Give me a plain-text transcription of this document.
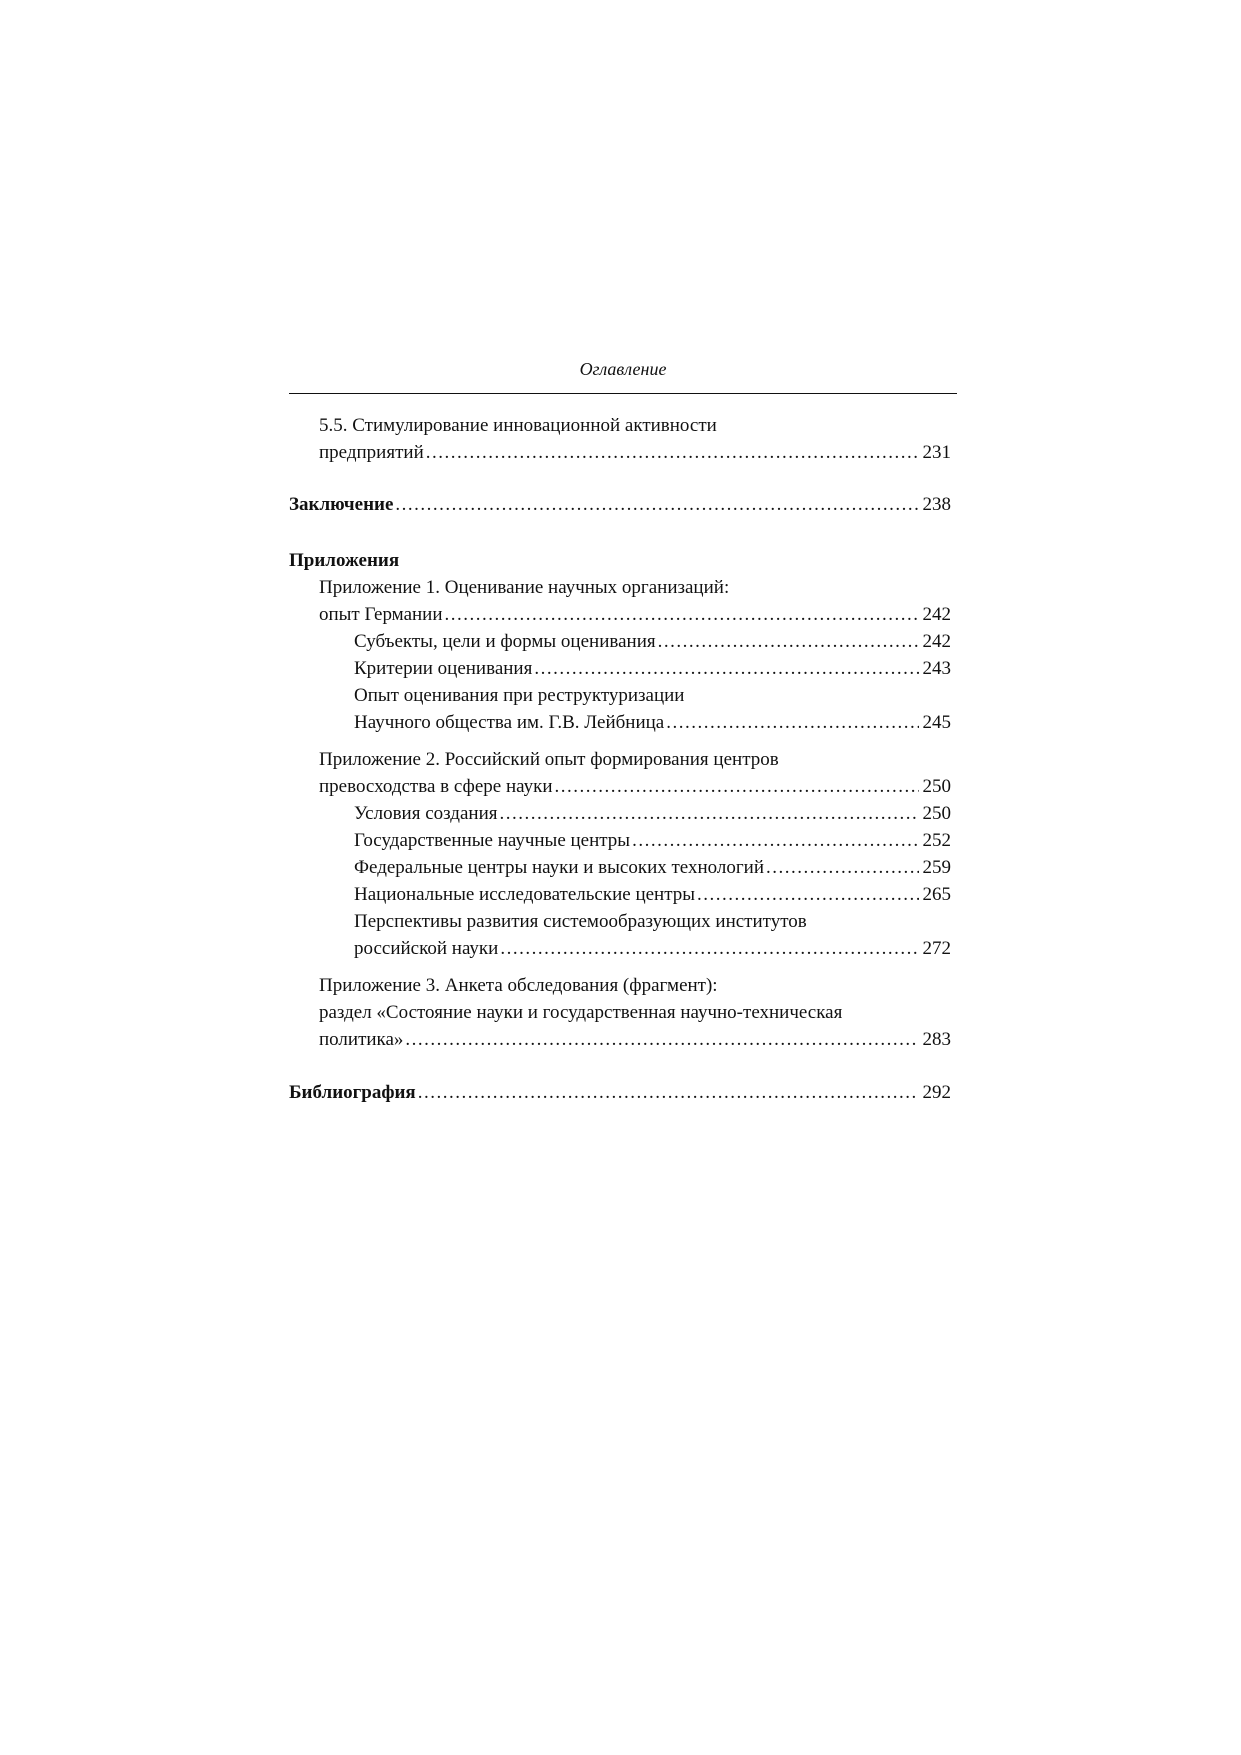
Оглавление
5.5. Стимулирование инновационной активности
предприятий .....	231
Заключение .....	238
Приложения
Приложение 1. Оценивание научных организаций:
опыт Германии .....	242
Субъекты, цели и формы оценивания .....	242
Критерии оценивания .....	243
Опыт оценивания при реструктуризации
Научного общества им. Г.В. Лейбница .....	245
Приложение 2. Российский опыт формирования центров
превосходства в сфере науки .....	250
Условия создания .....	250
Государственные научные центры .....	252
Федеральные центры науки и высоких технологий .....	259
Национальные исследовательские центры .....	265
Перспективы развития системообразующих институтов
российской науки .....	272
Приложение 3. Анкета обследования (фрагмент):
раздел «Состояние науки и государственная научно-техническая
политика» .....	283
Библиография .....	292
